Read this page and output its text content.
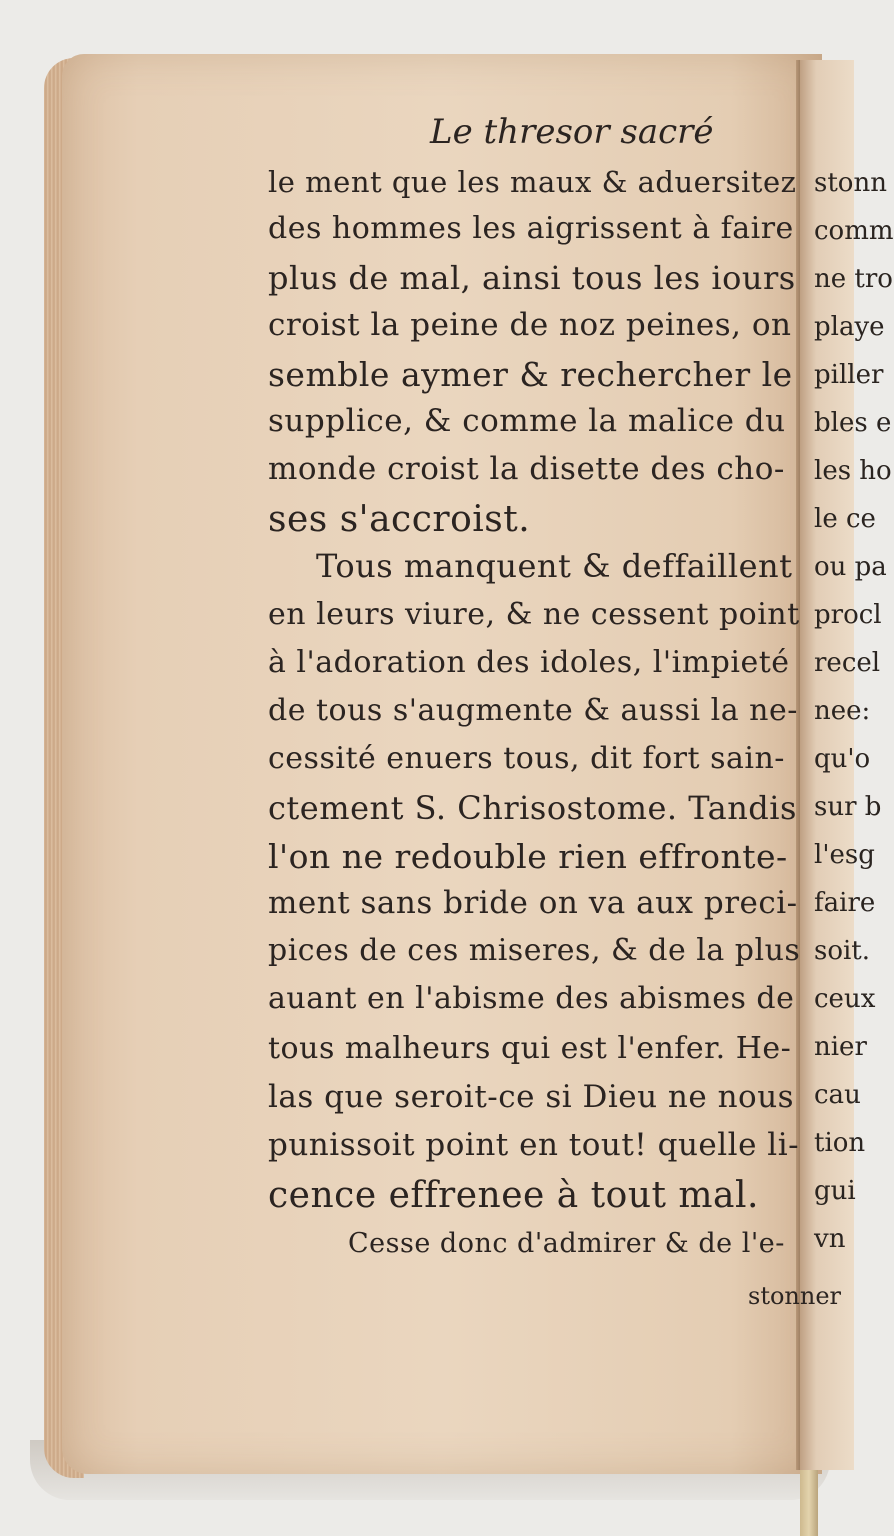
stonn
comm
ne tro
playe
piller
bles e
les ho
le ce
ou pa
procl
recel
nee:
qu'o
sur b
l'esg
faire
soit.
ceux
nier
cau
tion
gui
vn
Le thresor sacré
le ment que les maux & aduersitez
des hommes les aigrissent à faire
plus de mal, ainsi tous les iours
croist la peine de noz peines, on
semble aymer & rechercher le
supplice, & comme la malice du
monde croist la disette des cho-
ses s'accroist.
Tous manquent & deffaillent
en leurs viure, & ne cessent point
à l'adoration des idoles, l'impieté
de tous s'augmente & aussi la ne-
cessité enuers tous, dit fort sain-
ctement S. Chrisostome. Tandis
l'on ne redouble rien effronte-
ment sans bride on va aux preci-
pices de ces miseres, & de la plus
auant en l'abisme des abismes de
tous malheurs qui est l'enfer. He-
las que seroit-ce si Dieu ne nous
punissoit point en tout! quelle li-
cence effrenee à tout mal.
Cesse donc d'admirer & de l'e-
stonner
